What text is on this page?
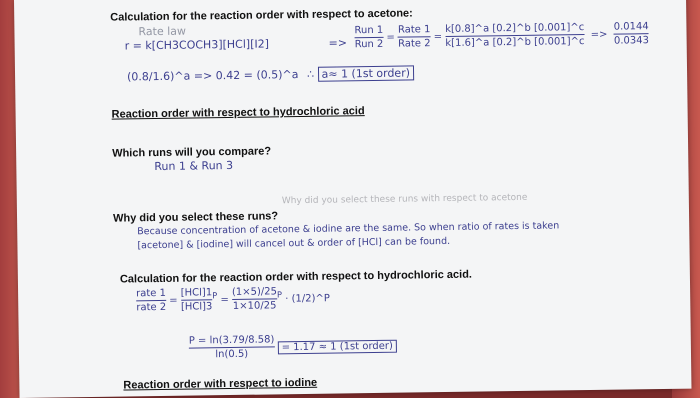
Calculation for the reaction order with respect to acetone:
Rate law
r = k[CH3COCH3][HCl][I2]	=> $\frac{\text{Run 1}}{\text{Run 2}} = \frac{\text{Rate 1}}{\text{Rate 2}} = \frac{k[0.8]\^{}a [0.2]\^{}b [0.001]\^{}c}{k[1.6]\^{}a [0.2]\^{}b [0.001]\^{}c} => \frac{0.0144}{0.0343}$
(0.8/1.6)^a => 0.42 = (0.5)^a ∴ a≈ 1 (1st order)
Reaction order with respect to hydrochloric acid
Which runs will you compare?
Run 1 & Run 3
Why did you select these runs with respect to acetone
Why did you select these runs?
Because concentration of acetone & iodine are the same. So when ratio of rates is taken
[acetone] & [iodine] will cancel out & order of [HCl] can be found.
Calculation for the reaction order with respect to hydrochloric acid.
$\frac{\text{rate 1}}{\text{rate 2}} = \frac{\text{[HCl]1}}{\text{[HCl]3}} ^P = \frac{(1\times 5)/25}{1\times 10/25} ^P$ · (1/2)^P
$\frac{P = \ln(3.79/8.58)}{\ln(0.5)} = 1.17 \approx 1$ (1st order)
Reaction order with respect to iodine
